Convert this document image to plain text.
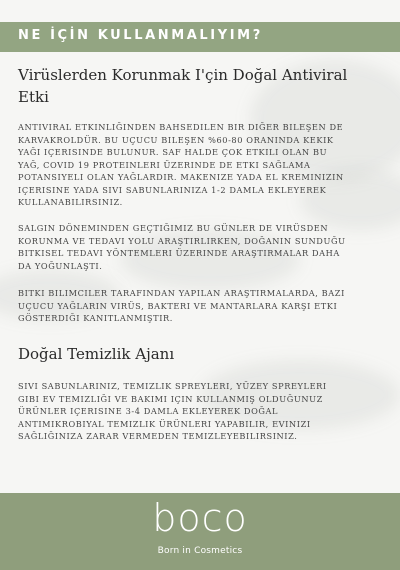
NE İÇİN KULLANMALIYIM?
Virüslerden Korunmak I'çin Doğal Antiviral
Etki
ANTIVIRAL ETKINLIĞINDEN BAHSEDILEN BIR DIĞER BILEŞEN DE
KARVAKROLDÜR. BU UÇUCU BILEŞEN %60-80 ORANINDA KEKIK
YAĞI IÇERISINDE BULUNUR. SAF HALDE ÇOK ETKILI OLAN BU
YAĞ, COVID 19 PROTEINLERI ÜZERINDE DE ETKI SAĞLAMA
POTANSIYELI OLAN YAĞLARDIR. MAKENIZE YADA EL KREMINIZIN
IÇERISINE YADA SIVI SABUNLARINIZA 1-2 DAMLA EKLEYEREK
KULLANABILIRSINIZ.
SALGIN DÖNEMINDEN GEÇTIĞIMIZ BU GÜNLER DE VIRÜSDEN
KORUNMA VE TEDAVI YOLU ARAŞTIRLIRKEN, DOĞANIN SUNDUĞU
BITKISEL TEDAVI YÖNTEMLERI ÜZERINDE ARAŞTIRMALAR DAHA
DA YOĞUNLAŞTI.
BITKI BILIMCILER TARAFINDAN YAPILAN ARAŞTIRMALARDA, BAZI
UÇUCU YAĞLARIN VIRÜS, BAKTERI VE MANTARLARA KARŞI ETKI
GÖSTERDIĞI KANITLANMIŞTIR.
Doğal Temizlik Ajanı
SIVI SABUNLARINIZ, TEMIZLIK SPREYLERI, YÜZEY SPREYLERI
GIBI EV TEMIZLIĞI VE BAKIMI IÇIN KULLANMIŞ OLDUĞUNUZ
ÜRÜNLER IÇERISINE 3-4 DAMLA EKLEYEREK DOĞAL
ANTIMIKROBIYAL TEMIZLIK ÜRÜNLERI YAPABILIR, EVINIZI
SAĞLIĞINIZA ZARAR VERMEDEN TEMIZLEYEBILIRSINIZ.
boco
Born in Cosmetics
